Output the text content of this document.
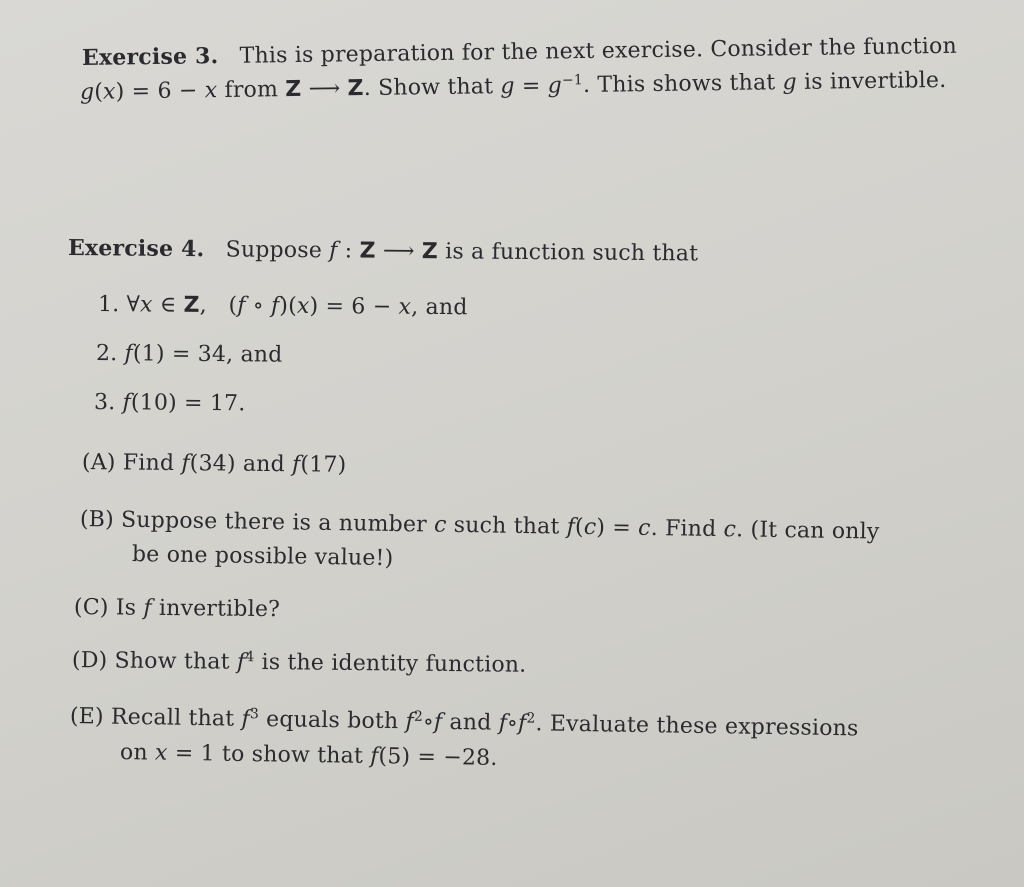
Exercise 3. This is preparation for the next exercise. Consider the function
g(x) = 6 − x from Z ⟶ Z. Show that $g = g^{-1}$. This shows that g is invertible.
Exercise 4. Suppose f : Z ⟶ Z is a function such that
1. ∀x ∈ Z, (f ∘ f)(x) = 6 − x, and
2. f(1) = 34, and
3. f(10) = 17.
(A) Find f(34) and f(17)
(B) Suppose there is a number c such that f(c) = c. Find c. (It can only
be one possible value!)
(C) Is f invertible?
(D) Show that $f^4$ is the identity function.
(E) Recall that $f^3$ equals both $f^2\circ f$ and $f\circ f^2$. Evaluate these expressions
on x = 1 to show that f(5) = −28.
